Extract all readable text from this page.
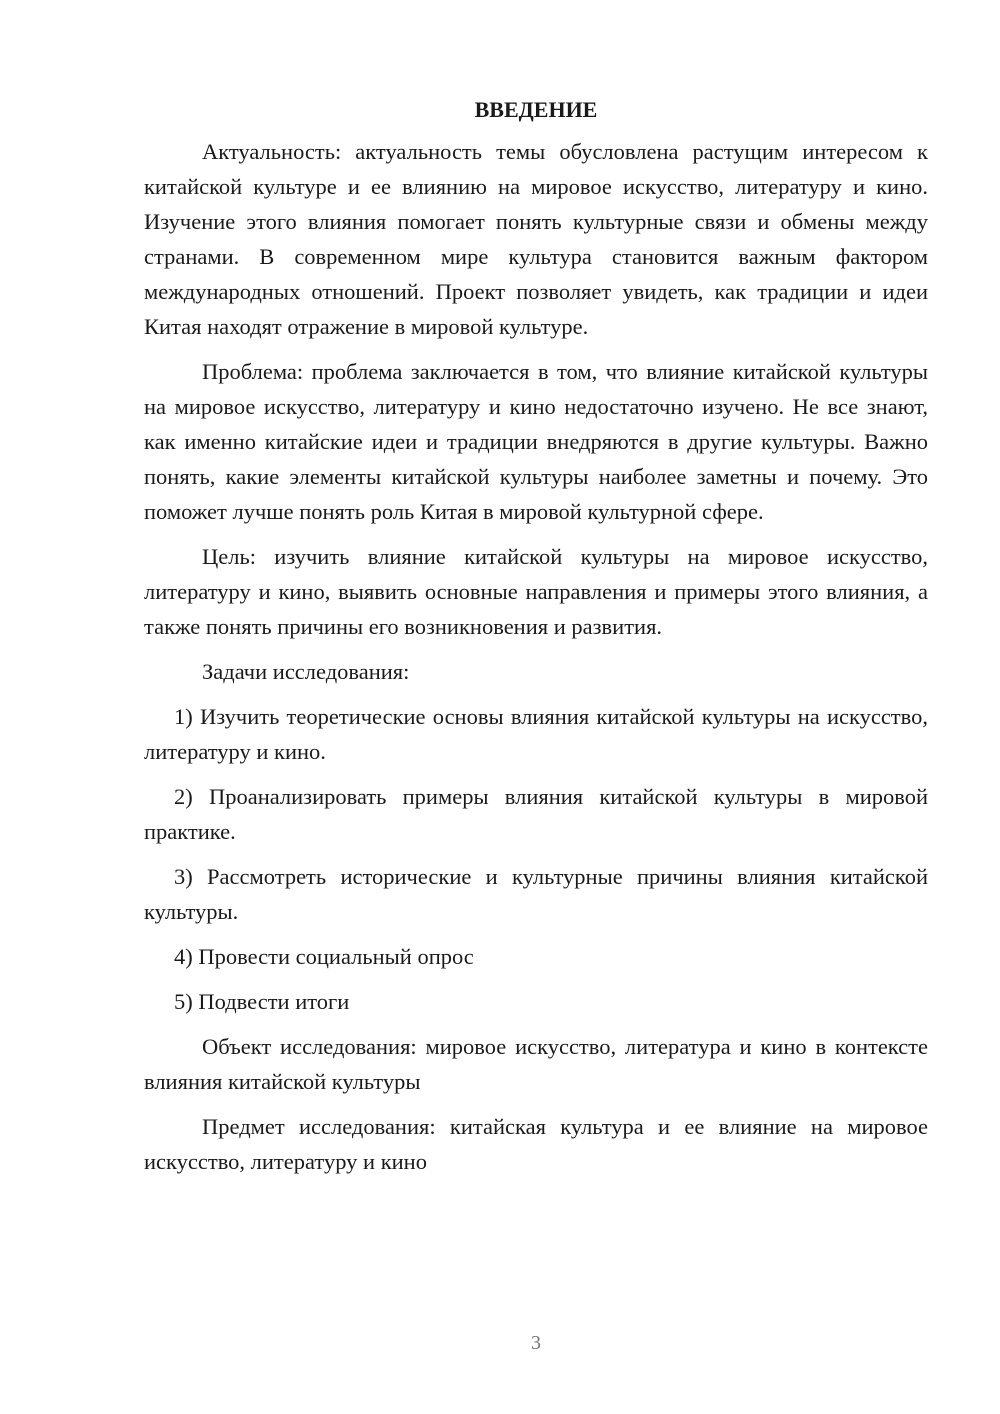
ВВЕДЕНИЕ

Актуальность: актуальность темы обусловлена растущим интересом к китайской культуре и ее влиянию на мировое искусство, литературу и кино. Изучение этого влияния помогает понять культурные связи и обмены между странами. В современном мире культура становится важным фактором международных отношений. Проект позволяет увидеть, как традиции и идеи Китая находят отражение в мировой культуре.

Проблема: проблема заключается в том, что влияние китайской культуры на мировое искусство, литературу и кино недостаточно изучено. Не все знают, как именно китайские идеи и традиции внедряются в другие культуры. Важно понять, какие элементы китайской культуры наиболее заметны и почему. Это поможет лучше понять роль Китая в мировой культурной сфере.

Цель: изучить влияние китайской культуры на мировое искусство, литературу и кино, выявить основные направления и примеры этого влияния, а также понять причины его возникновения и развития.

Задачи исследования:

1) Изучить теоретические основы влияния китайской культуры на искусство, литературу и кино.

2) Проанализировать примеры влияния китайской культуры в мировой практике.

3) Рассмотреть исторические и культурные причины влияния китайской культуры.

4) Провести социальный опрос

5) Подвести итоги

Объект исследования: мировое искусство, литература и кино в контексте влияния китайской культуры

Предмет исследования: китайская культура и ее влияние на мировое искусство, литературу и кино

3
